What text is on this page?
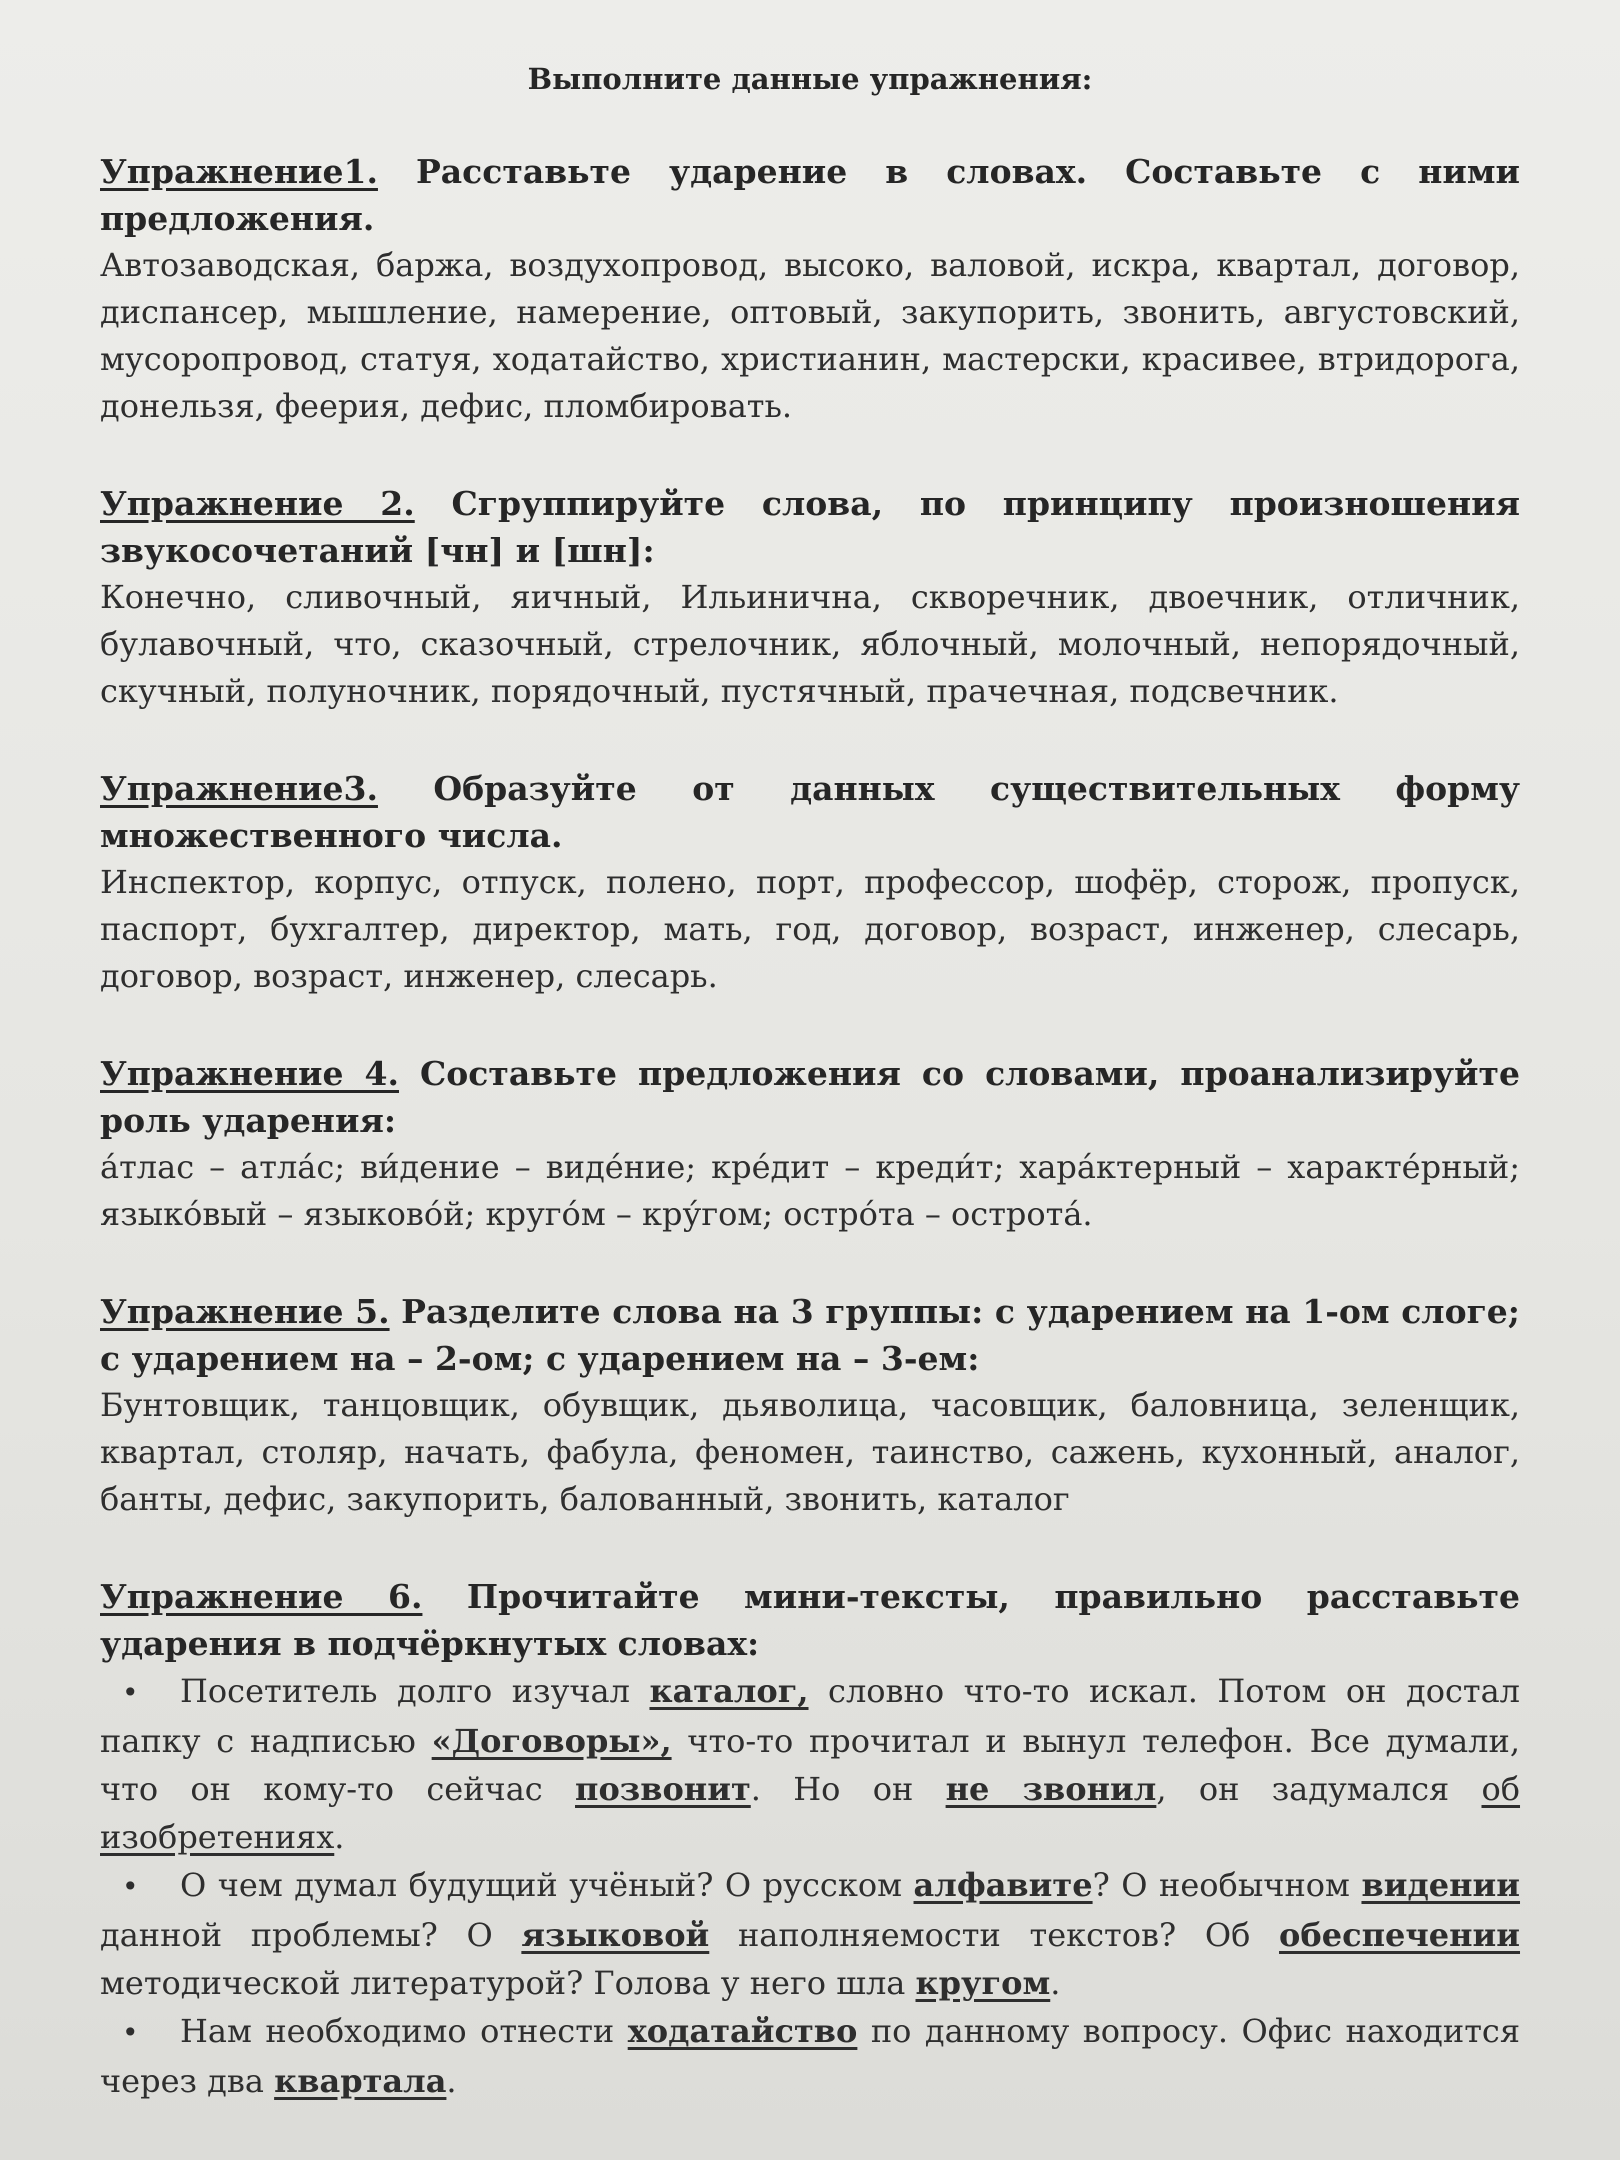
Выполните данные упражнения:

Упражнение1. Расставьте ударение в словах. Составьте с ними предложения.

Автозаводская, баржа, воздухопровод, высоко, валовой, искра, квартал, договор, диспансер, мышление, намерение, оптовый, закупорить, звонить, августовский, мусоропровод, статуя, ходатайство, христианин, мастерски, красивее, втридорога, донельзя, феерия, дефис, пломбировать.

Упражнение 2. Сгруппируйте слова, по принципу произношения звукосочетаний [чн] и [шн]:

Конечно, сливочный, яичный, Ильинична, скворечник, двоечник, отличник, булавочный, что, сказочный, стрелочник, яблочный, молочный, непорядочный, скучный, полуночник, порядочный, пустячный, прачечная, подсвечник.

Упражнение3. Образуйте от данных существительных форму множественного числа.

Инспектор, корпус, отпуск, полено, порт, профессор, шофёр, сторож, пропуск, паспорт, бухгалтер, директор, мать, год, договор, возраст, инженер, слесарь, договор, возраст, инженер, слесарь.

Упражнение 4. Составьте предложения со словами, проанализируйте роль ударения:

а́тлас – атла́с; ви́дение – виде́ние; кре́дит – креди́т; хара́ктерный – характе́рный; языко́вый – языково́й; круго́м – кру́гом; остро́та – острота́.

Упражнение 5. Разделите слова на 3 группы: с ударением на 1-ом слоге; с ударением на – 2-ом; с ударением на – 3-ем:

Бунтовщик, танцовщик, обувщик, дьяволица, часовщик, баловница, зеленщик, квартал, столяр, начать, фабула, феномен, таинство, сажень, кухонный, аналог, банты, дефис, закупорить, балованный, звонить, каталог

Упражнение 6. Прочитайте мини-тексты, правильно расставьте ударения в подчёркнутых словах:

• Посетитель долго изучал каталог, словно что-то искал. Потом он достал папку с надписью «Договоры», что-то прочитал и вынул телефон. Все думали, что он кому-то сейчас позвонит. Но он не звонил, он задумался об изобретениях.
• О чем думал будущий учёный? О русском алфавите? О необычном видении данной проблемы? О языковой наполняемости текстов? Об обеспечении методической литературой? Голова у него шла кругом.
• Нам необходимо отнести ходатайство по данному вопросу. Офис находится через два квартала.
